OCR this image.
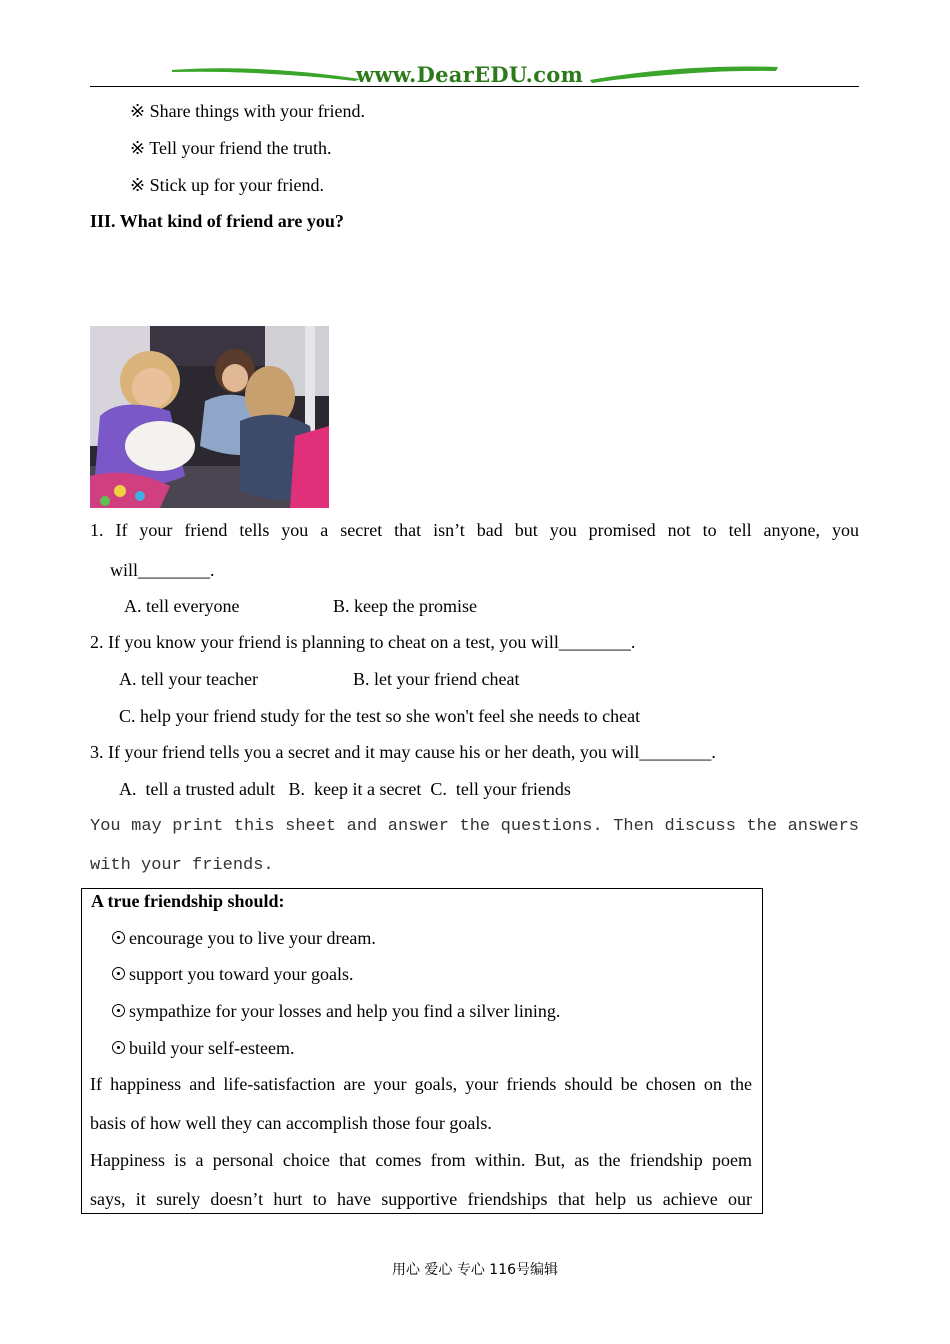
www.DearEDU.com
※ Share things with your friend.
※ Tell your friend the truth.
※ Stick up for your friend.
III. What kind of friend are you?
1. If your friend tells you a secret that isn’t bad but you promised not to tell anyone, you
will________.
A. tell everyone	B. keep the promise
2. If you know your friend is planning to cheat on a test, you will________.
A. tell your teacher	B. let your friend cheat
C. help your friend study for the test so she won't feel she needs to cheat
3. If your friend tells you a secret and it may cause his or her death, you will________.
A.  tell a trusted adult   B.  keep it a secret  C.  tell your friends
You may print this sheet and answer the questions. Then discuss the answers
with your friends.
A true friendship should:
encourage you to live your dream.
support you toward your goals.
sympathize for your losses and help you find a silver lining.
build your self-esteem.
If happiness and life-satisfaction are your goals, your friends should be chosen on the
basis of how well they can accomplish those four goals.
Happiness is a personal choice that comes from within. But, as the friendship poem
says, it surely doesn’t hurt to have supportive friendships that help us achieve our
用心 爱心 专心 116号编辑
